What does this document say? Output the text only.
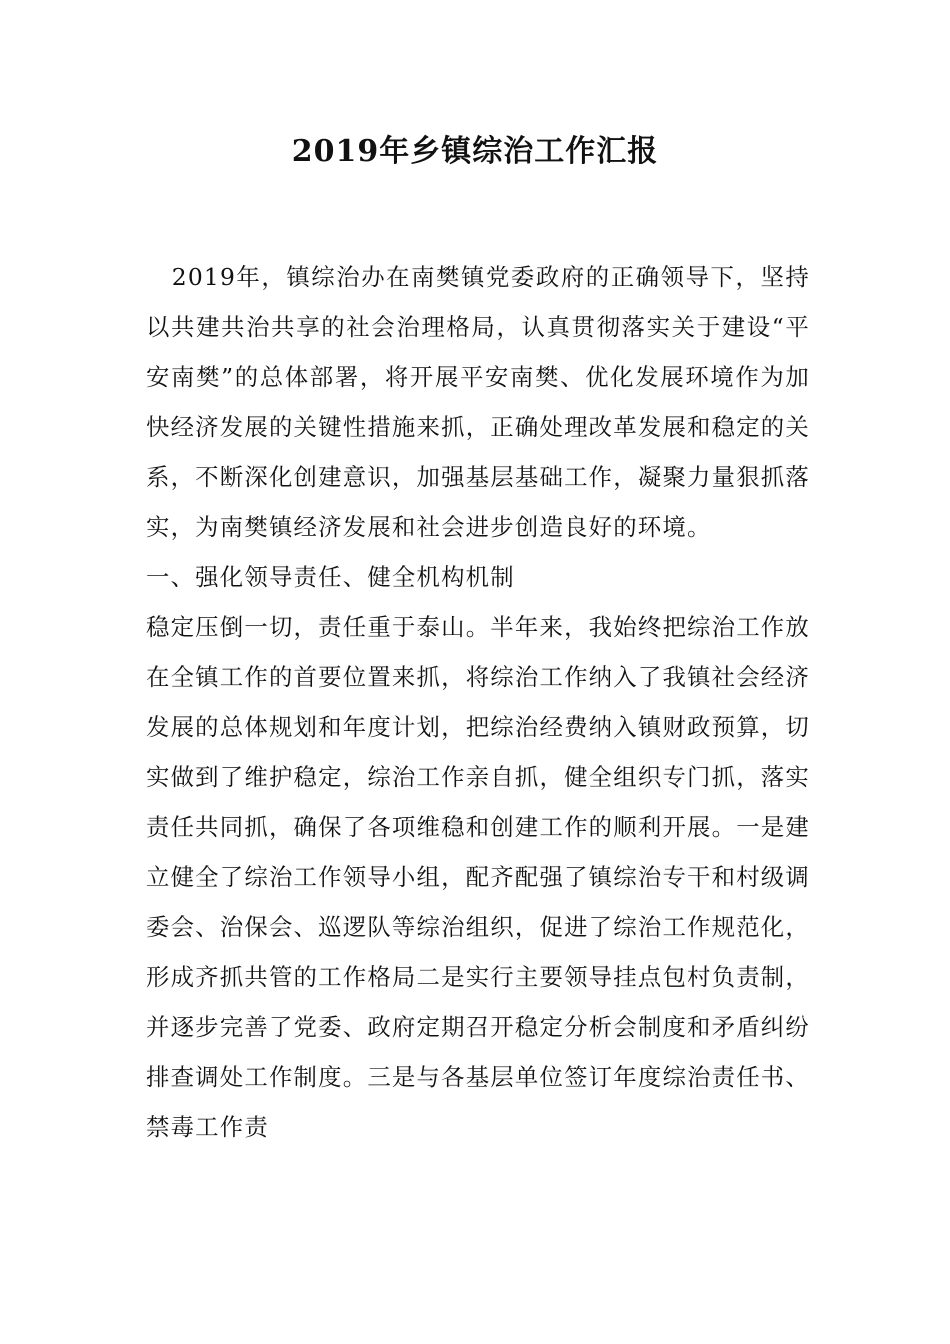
2019年乡镇综治工作汇报

2019年，镇综治办在南樊镇党委政府的正确领导下，坚持以共建共治共享的社会治理格局，认真贯彻落实关于建设“平安南樊”的总体部署，将开展平安南樊、优化发展环境作为加快经济发展的关键性措施来抓，正确处理改革发展和稳定的关系，不断深化创建意识，加强基层基础工作，凝聚力量狠抓落实，为南樊镇经济发展和社会进步创造良好的环境。

一、强化领导责任、健全机构机制

稳定压倒一切，责任重于泰山。半年来，我始终把综治工作放在全镇工作的首要位置来抓，将综治工作纳入了我镇社会经济发展的总体规划和年度计划，把综治经费纳入镇财政预算，切实做到了维护稳定，综治工作亲自抓，健全组织专门抓，落实责任共同抓，确保了各项维稳和创建工作的顺利开展。一是建立健全了综治工作领导小组，配齐配强了镇综治专干和村级调委会、治保会、巡逻队等综治组织，促进了综治工作规范化，形成齐抓共管的工作格局二是实行主要领导挂点包村负责制，并逐步完善了党委、政府定期召开稳定分析会制度和矛盾纠纷排查调处工作制度。三是与各基层单位签订年度综治责任书、禁毒工作责
